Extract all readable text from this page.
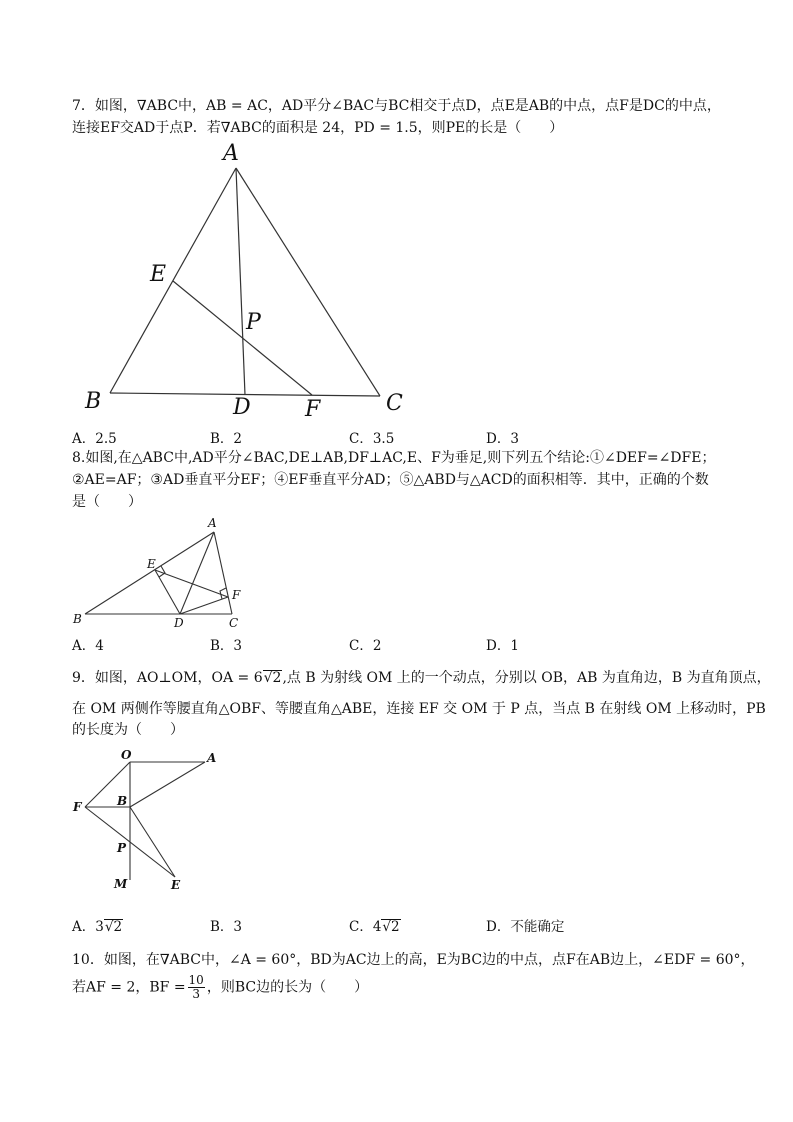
7．如图，∇ABC中，AB = AC，AD平分∠BAC与BC相交于点D，点E是AB的中点，点F是DC的中点，
连接EF交AD于点P．若∇ABC的面积是 24，PD = 1.5，则PE的长是（　　）
A
E
P
B	D F	C
A．2.5	B．2	C．3.5	D．3
8.如图,在△ABC中,AD平分∠BAC,DE⊥AB,DF⊥AC,E、F为垂足,则下列五个结论:①∠DEF=∠DFE；
②AE=AF；③AD垂直平分EF；④EF垂直平分AD；⑤△ABD与△ACD的面积相等．其中，正确的个数
是（　　）
A
E
F
B	D	C
A．4	B．3	C．2	D．1
9．如图，AO⊥OM，OA = 6√2,点 B 为射线 OM 上的一个动点，分别以 OB，AB 为直角边，B 为直角顶点，
在 OM 两侧作等腰直角△OBF、等腰直角△ABE，连接 EF 交 OM 于 P 点，当点 B 在射线 OM 上移动时，PB
的长度为（　　）
O	A
F	B
P
M	E
A．3√2	B．3	C．4√2	D．不能确定
10．如图，在∇ABC中，∠A = 60°，BD为AC边上的高，E为BC边的中点，点F在AB边上，∠EDF = 60°，
若AF = 2，BF = $\frac{10}{3}$ ，则BC边的长为（　　）
